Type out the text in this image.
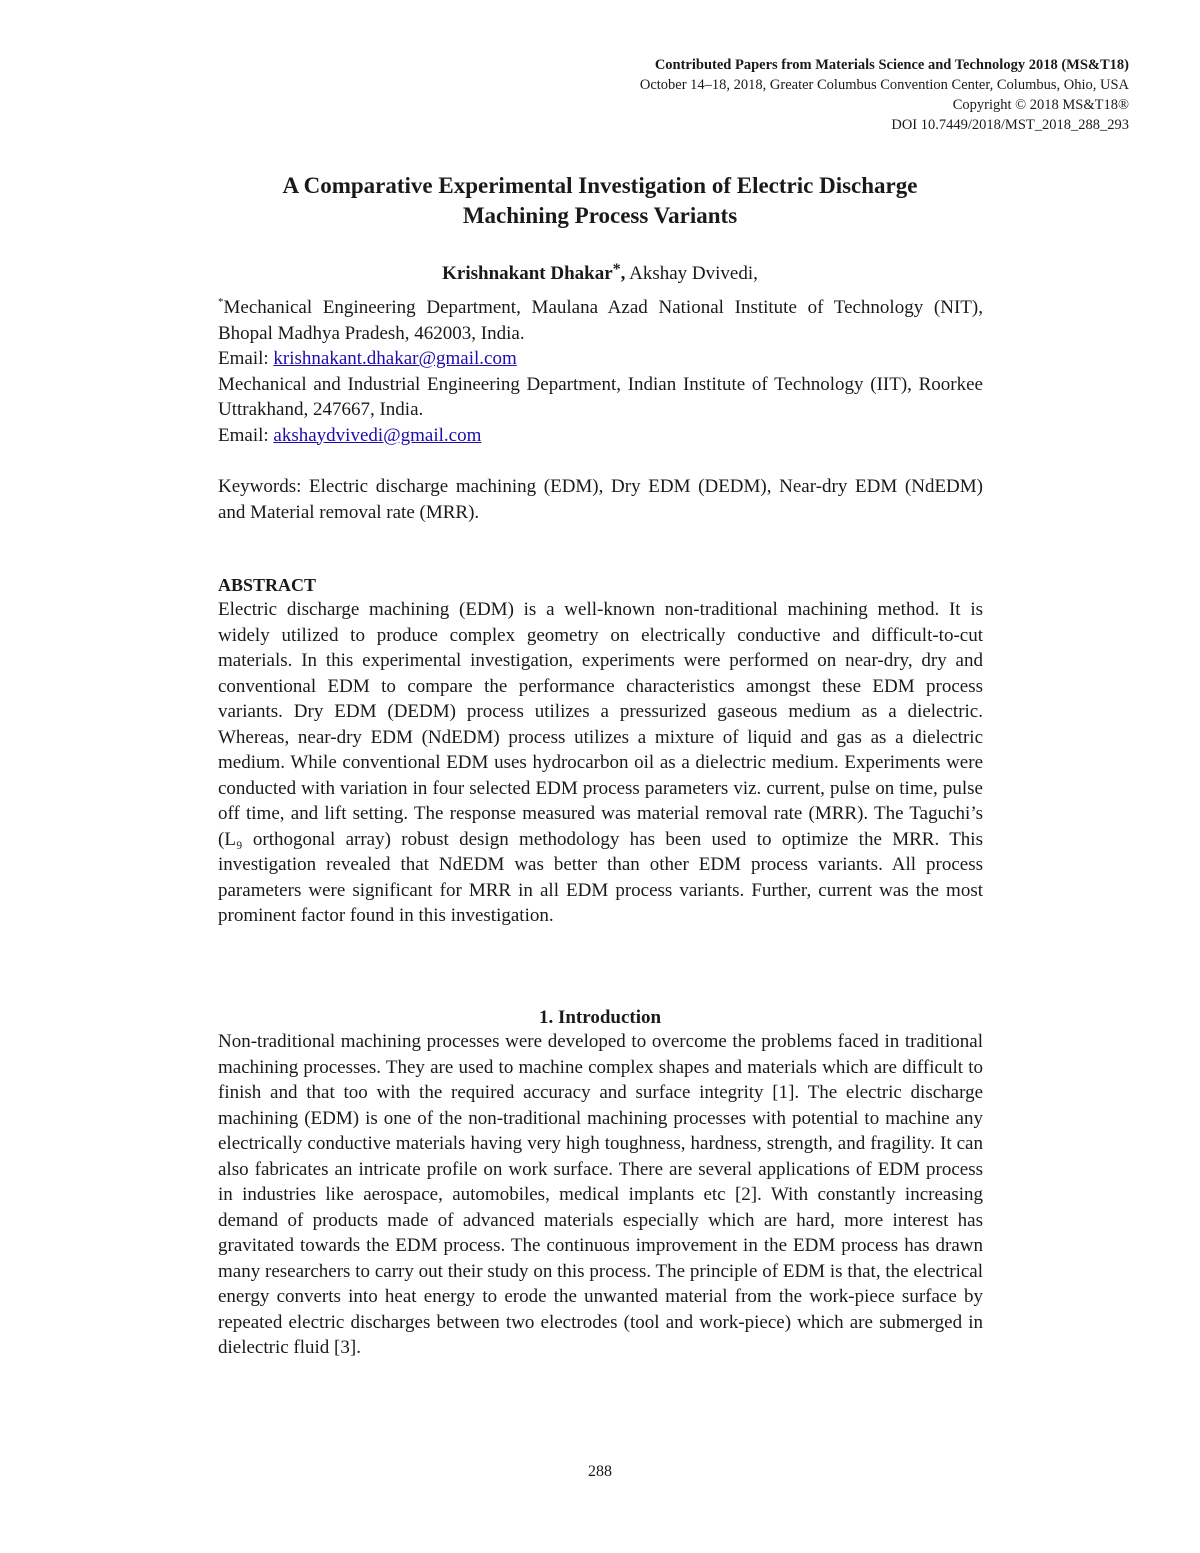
Contributed Papers from Materials Science and Technology 2018 (MS&T18)
October 14–18, 2018, Greater Columbus Convention Center, Columbus, Ohio, USA
Copyright © 2018 MS&T18®
DOI 10.7449/2018/MST_2018_288_293
A Comparative Experimental Investigation of Electric Discharge
Machining Process Variants
Krishnakant Dhakar*, Akshay Dvivedi,

*Mechanical Engineering Department, Maulana Azad National Institute of Technology (NIT), Bhopal Madhya Pradesh, 462003, India.

Email: krishnakant.dhakar@gmail.com

Mechanical and Industrial Engineering Department, Indian Institute of Technology (IIT), Roorkee Uttrakhand, 247667, India.

Email: akshaydvivedi@gmail.com

Keywords: Electric discharge machining (EDM), Dry EDM (DEDM), Near-dry EDM (NdEDM) and Material removal rate (MRR).

ABSTRACT

Electric discharge machining (EDM) is a well-known non-traditional machining method. It is widely utilized to produce complex geometry on electrically conductive and difficult-to-cut materials. In this experimental investigation, experiments were performed on near-dry, dry and conventional EDM to compare the performance characteristics amongst these EDM process variants. Dry EDM (DEDM) process utilizes a pressurized gaseous medium as a dielectric. Whereas, near-dry EDM (NdEDM) process utilizes a mixture of liquid and gas as a dielectric medium. While conventional EDM uses hydrocarbon oil as a dielectric medium. Experiments were conducted with variation in four selected EDM process parameters viz. current, pulse on time, pulse off time, and lift setting. The response measured was material removal rate (MRR). The Taguchi’s (L₉ orthogonal array) robust design methodology has been used to optimize the MRR. This investigation revealed that NdEDM was better than other EDM process variants. All process parameters were significant for MRR in all EDM process variants. Further, current was the most prominent factor found in this investigation.

1. Introduction

Non-traditional machining processes were developed to overcome the problems faced in traditional machining processes. They are used to machine complex shapes and materials which are difficult to finish and that too with the required accuracy and surface integrity [1]. The electric discharge machining (EDM) is one of the non-traditional machining processes with potential to machine any electrically conductive materials having very high toughness, hardness, strength, and fragility. It can also fabricates an intricate profile on work surface. There are several applications of EDM process in industries like aerospace, automobiles, medical implants etc [2]. With constantly increasing demand of products made of advanced materials especially which are hard, more interest has gravitated towards the EDM process. The continuous improvement in the EDM process has drawn many researchers to carry out their study on this process. The principle of EDM is that, the electrical energy converts into heat energy to erode the unwanted material from the work-piece surface by repeated electric discharges between two electrodes (tool and work-piece) which are submerged in dielectric fluid [3].

288
